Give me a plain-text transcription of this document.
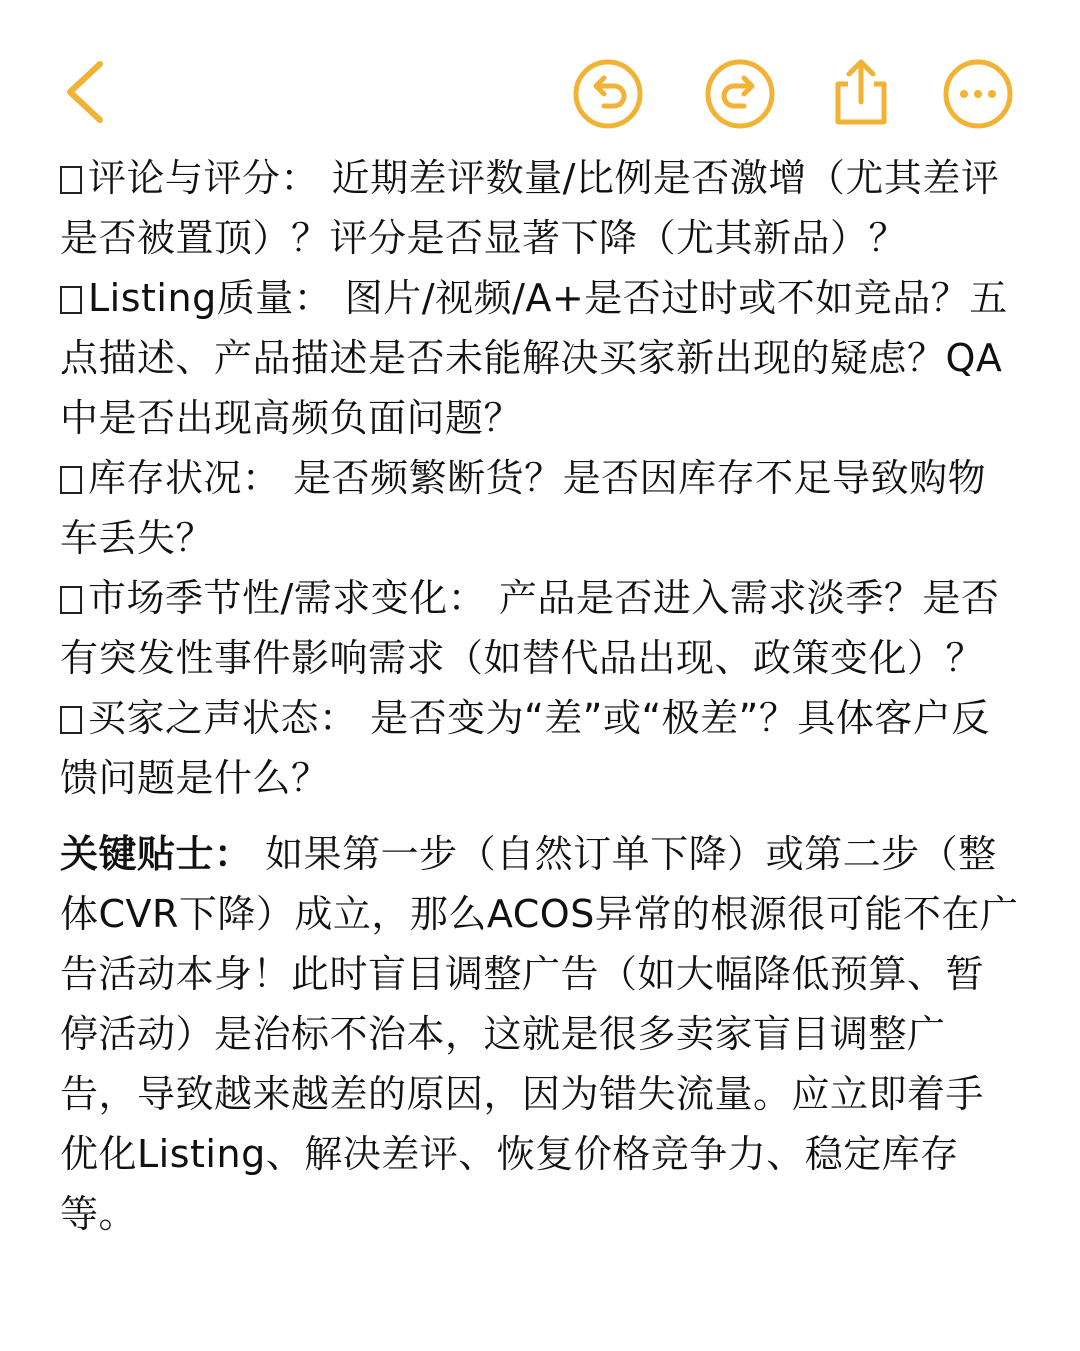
评论与评分： 近期差评数量/比例是否激增（尤其差评是否被置顶）？评分是否显著下降（尤其新品）？

Listing质量： 图片/视频/A+是否过时或不如竞品？五点描述、产品描述是否未能解决买家新出现的疑虑？QA中是否出现高频负面问题？

库存状况： 是否频繁断货？是否因库存不足导致购物车丢失？

市场季节性/需求变化： 产品是否进入需求淡季？是否有突发性事件影响需求（如替代品出现、政策变化）？

买家之声状态： 是否变为“差”或“极差”？具体客户反馈问题是什么？

关键贴士： 如果第一步（自然订单下降）或第二步（整体CVR下降）成立，那么ACOS异常的根源很可能不在广告活动本身！此时盲目调整广告（如大幅降低预算、暂停活动）是治标不治本，这就是很多卖家盲目调整广告，导致越来越差的原因，因为错失流量。应立即着手优化Listing、解决差评、恢复价格竞争力、稳定库存等。
